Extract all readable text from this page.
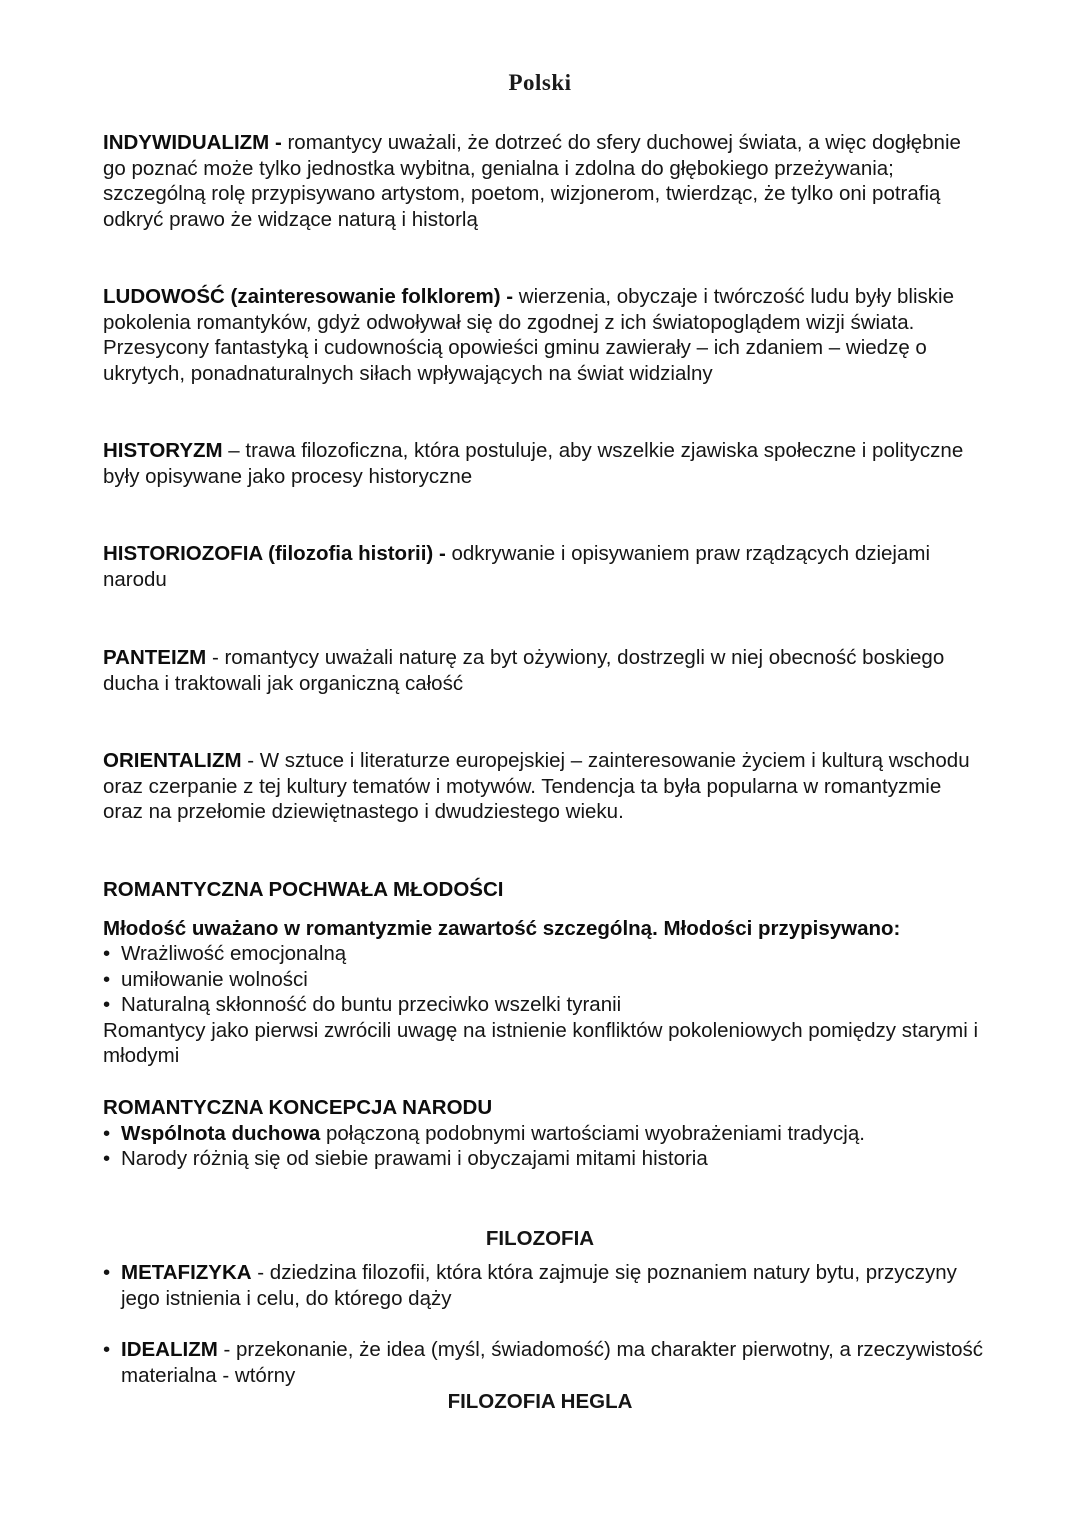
Polski
INDYWIDUALIZM - romantycy uważali, że dotrzeć do sfery duchowej świata, a więc dogłębnie go poznać może tylko jednostka wybitna, genialna i zdolna do głębokiego przeżywania; szczególną rolę przypisywano artystom, poetom, wizjonerom, twierdząc, że tylko oni potrafią odkryć prawo że widzące naturą i historlą
LUDOWOŚĆ (zainteresowanie folklorem) - wierzenia, obyczaje i twórczość ludu były bliskie pokolenia romantyków, gdyż odwoływał się do zgodnej z ich światopoglądem wizji świata. Przesycony fantastyką i cudownością opowieści gminu zawierały – ich zdaniem – wiedzę o ukrytych, ponadnaturalnych siłach wpływających na świat widzialny
HISTORYZM – trawa filozoficzna, która postuluje, aby wszelkie zjawiska społeczne i polityczne były opisywane jako procesy historyczne
HISTORIOZOFIA (filozofia historii) - odkrywanie i opisywaniem praw rządzących dziejami narodu
PANTEIZM - romantycy uważali naturę za byt ożywiony, dostrzegli w niej obecność boskiego ducha i traktowali jak organiczną całość
ORIENTALIZM - W sztuce i literaturze europejskiej – zainteresowanie życiem i kulturą wschodu oraz czerpanie z tej kultury tematów i motywów. Tendencja ta była popularna w romantyzmie oraz na przełomie dziewiętnastego i dwudziestego wieku.
ROMANTYCZNA POCHWAŁA MŁODOŚCI
Młodość uważano w romantyzmie zawartość szczególną. Młodości przypisywano:
• Wrażliwość emocjonalną
• umiłowanie wolności
• Naturalną skłonność do buntu przeciwko wszelki tyranii
Romantycy jako pierwsi zwrócili uwagę na istnienie konfliktów pokoleniowych pomiędzy starymi i młodymi
ROMANTYCZNA KONCEPCJA NARODU
• Wspólnota duchowa połączoną podobnymi wartościami wyobrażeniami tradycją.
• Narody różnią się od siebie prawami i obyczajami mitami historia
FILOZOFIA
• METAFIZYKA - dziedzina filozofii, która która zajmuje się poznaniem natury bytu, przyczyny jego istnienia i celu, do którego dąży
• IDEALIZM - przekonanie, że idea (myśl, świadomość) ma charakter pierwotny, a rzeczywistość materialna - wtórny
FILOZOFIA HEGLA
